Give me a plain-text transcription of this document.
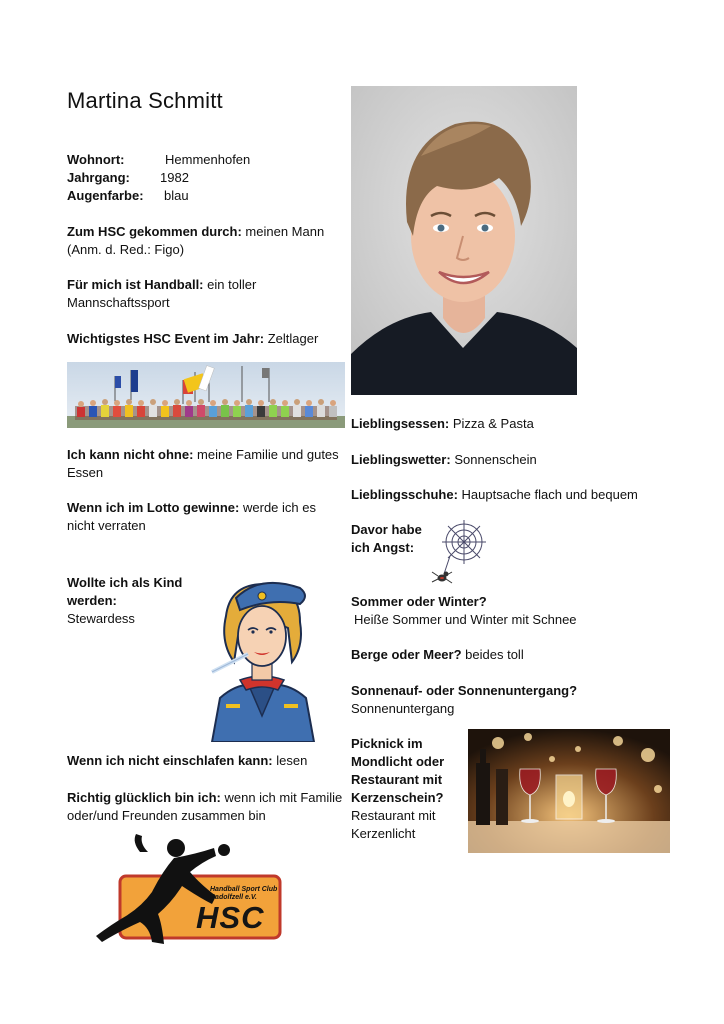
Martina Schmitt
Wohnort:	Hemmenhofen
Jahrgang: 1982
Augenfarbe: blau
Zum HSC gekommen durch: meinen Mann
(Anm. d. Red.: Figo)
Für mich ist Handball: ein toller
Mannschaftssport
Wichtigstes HSC Event im Jahr: Zeltlager
Ich kann nicht ohne: meine Familie und gutes
Essen
Wenn ich im Lotto gewinne: werde ich es
nicht verraten
Wollte ich als Kind
werden:
Stewardess
Wenn ich nicht einschlafen kann: lesen
Richtig glücklich bin ich: wenn ich mit Familie
oder/und Freunden zusammen bin
Handball Sport Club
Radolfzell e.V.
HSC
Lieblingsessen: Pizza & Pasta
Lieblingswetter: Sonnenschein
Lieblingsschuhe: Hauptsache flach und bequem
Davor habe
ich Angst:
Sommer oder Winter?
Heiße Sommer und Winter mit Schnee
Berge oder Meer? beides toll
Sonnenauf- oder Sonnenuntergang?
Sonnenuntergang
Picknick im
Mondlicht oder
Restaurant mit
Kerzenschein?
Restaurant mit
Kerzenlicht
